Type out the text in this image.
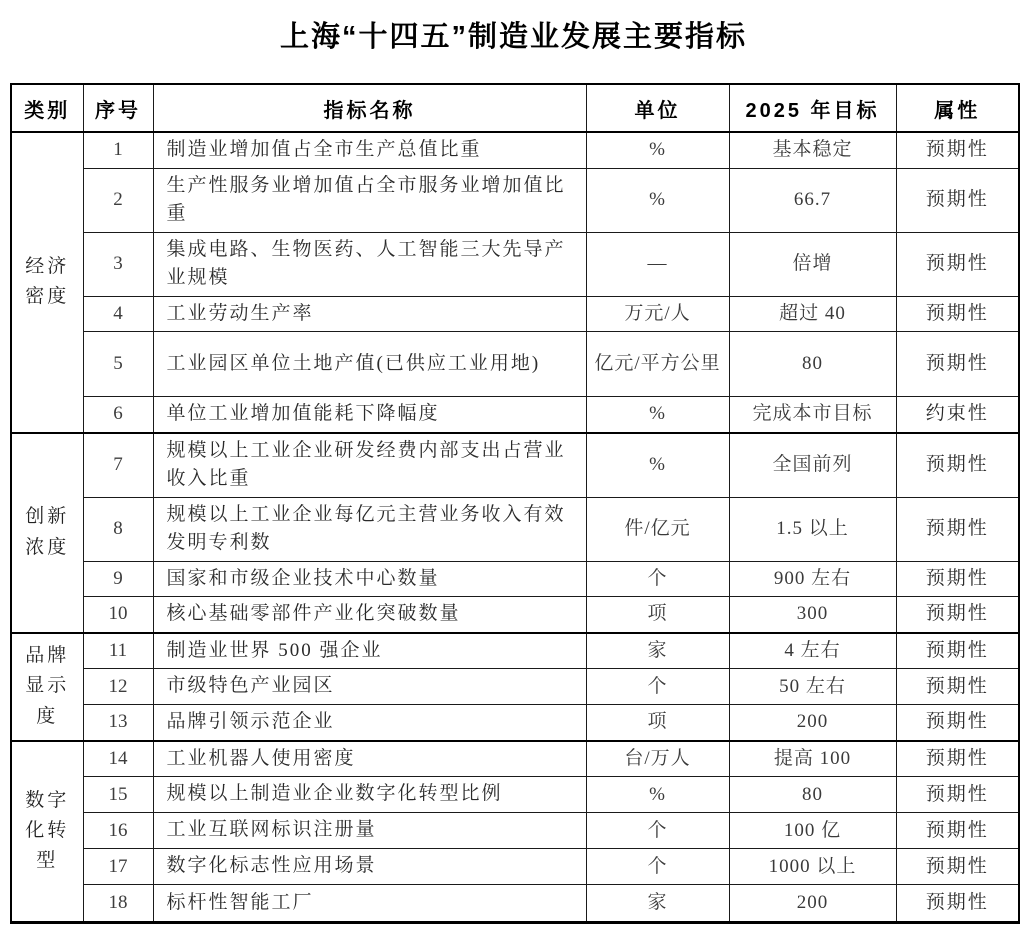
上海“十四五”制造业发展主要指标
类别	序号	指标名称	单位	2025 年目标	属性
经济密度	1	制造业增加值占全市生产总值比重	%	基本稳定	预期性
	2	生产性服务业增加值占全市服务业增加值比重	%	66.7	预期性
	3	集成电路、生物医药、人工智能三大先导产业规模	—	倍增	预期性
	4	工业劳动生产率	万元/人	超过 40	预期性
	5	工业园区单位土地产值(已供应工业用地)	亿元/平方公里	80	预期性
	6	单位工业增加值能耗下降幅度	%	完成本市目标	约束性
创新浓度	7	规模以上工业企业研发经费内部支出占营业收入比重	%	全国前列	预期性
	8	规模以上工业企业每亿元主营业务收入有效发明专利数	件/亿元	1.5 以上	预期性
	9	国家和市级企业技术中心数量	个	900 左右	预期性
	10	核心基础零部件产业化突破数量	项	300	预期性
品牌显示度	11	制造业世界 500 强企业	家	4 左右	预期性
	12	市级特色产业园区	个	50 左右	预期性
	13	品牌引领示范企业	项	200	预期性
数字化转型	14	工业机器人使用密度	台/万人	提高 100	预期性
	15	规模以上制造业企业数字化转型比例	%	80	预期性
	16	工业互联网标识注册量	个	100 亿	预期性
	17	数字化标志性应用场景	个	1000 以上	预期性
	18	标杆性智能工厂	家	200	预期性
